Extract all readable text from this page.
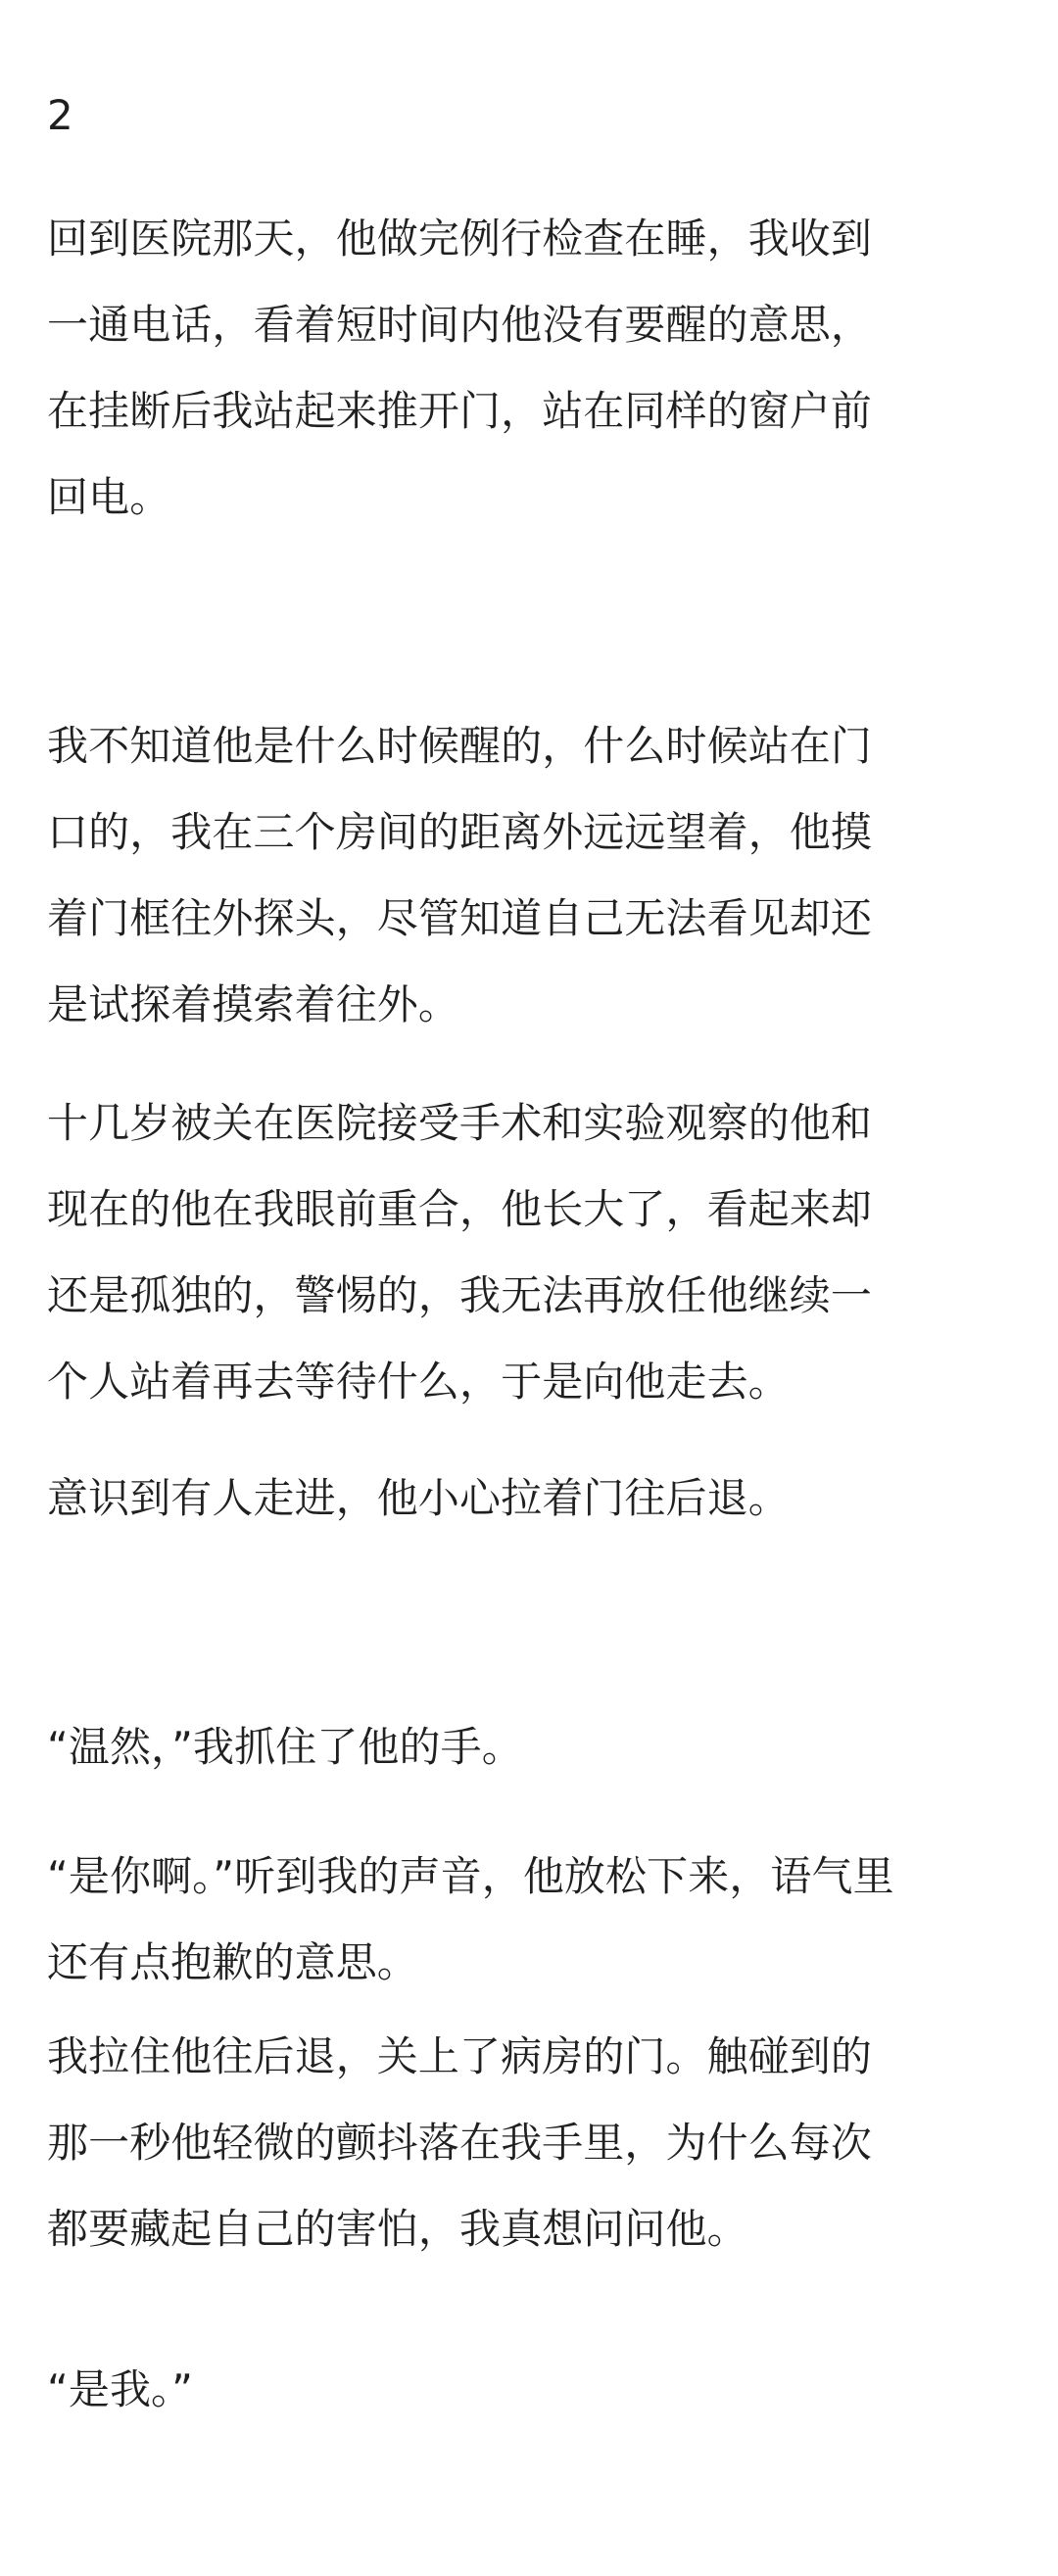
2

回到医院那天，他做完例行检查在睡，我收到
一通电话，看着短时间内他没有要醒的意思，
在挂断后我站起来推开门，站在同样的窗户前
回电。

我不知道他是什么时候醒的，什么时候站在门
口的，我在三个房间的距离外远远望着，他摸
着门框往外探头，尽管知道自己无法看见却还
是试探着摸索着往外。

十几岁被关在医院接受手术和实验观察的他和
现在的他在我眼前重合，他长大了，看起来却
还是孤独的，警惕的，我无法再放任他继续一
个人站着再去等待什么，于是向他走去。

意识到有人走进，他小心拉着门往后退。

“温然，”我抓住了他的手。

“是你啊。”听到我的声音，他放松下来，语气里
还有点抱歉的意思。

我拉住他往后退，关上了病房的门。触碰到的
那一秒他轻微的颤抖落在我手里，为什么每次
都要藏起自己的害怕，我真想问问他。

“是我。”
